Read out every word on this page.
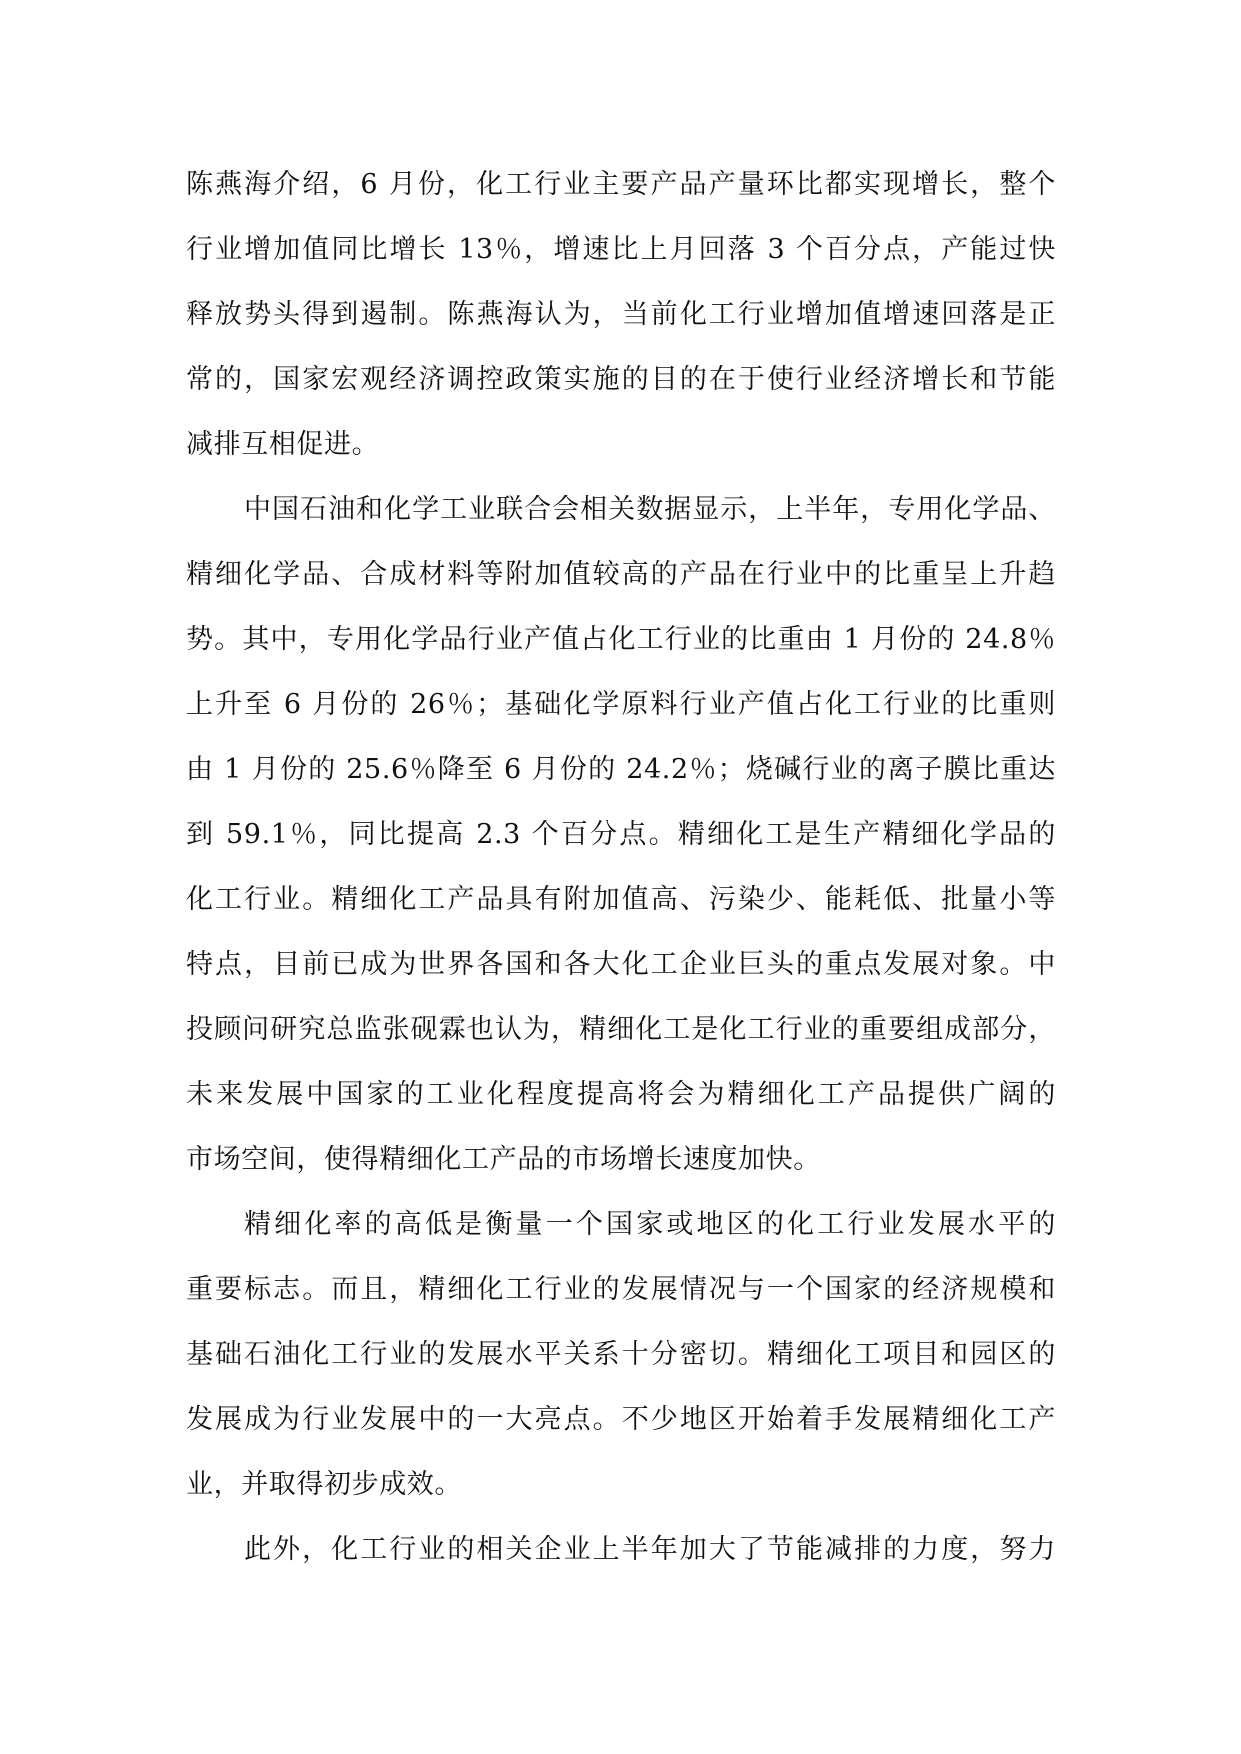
陈燕海介绍，6 月份，化工行业主要产品产量环比都实现增长，整个
行业增加值同比增长 13％，增速比上月回落 3 个百分点，产能过快
释放势头得到遏制。陈燕海认为，当前化工行业增加值增速回落是正
常的，国家宏观经济调控政策实施的目的在于使行业经济增长和节能
减排互相促进。
中国石油和化学工业联合会相关数据显示，上半年，专用化学品、
精细化学品、合成材料等附加值较高的产品在行业中的比重呈上升趋
势。其中，专用化学品行业产值占化工行业的比重由 1 月份的 24.8％
上升至 6 月份的 26％；基础化学原料行业产值占化工行业的比重则
由 1 月份的 25.6％降至 6 月份的 24.2％；烧碱行业的离子膜比重达
到 59.1％，同比提高 2.3 个百分点。精细化工是生产精细化学品的
化工行业。精细化工产品具有附加值高、污染少、能耗低、批量小等
特点，目前已成为世界各国和各大化工企业巨头的重点发展对象。中
投顾问研究总监张砚霖也认为，精细化工是化工行业的重要组成部分，
未来发展中国家的工业化程度提高将会为精细化工产品提供广阔的
市场空间，使得精细化工产品的市场增长速度加快。
精细化率的高低是衡量一个国家或地区的化工行业发展水平的
重要标志。而且，精细化工行业的发展情况与一个国家的经济规模和
基础石油化工行业的发展水平关系十分密切。精细化工项目和园区的
发展成为行业发展中的一大亮点。不少地区开始着手发展精细化工产
业，并取得初步成效。
此外，化工行业的相关企业上半年加大了节能减排的力度，努力
